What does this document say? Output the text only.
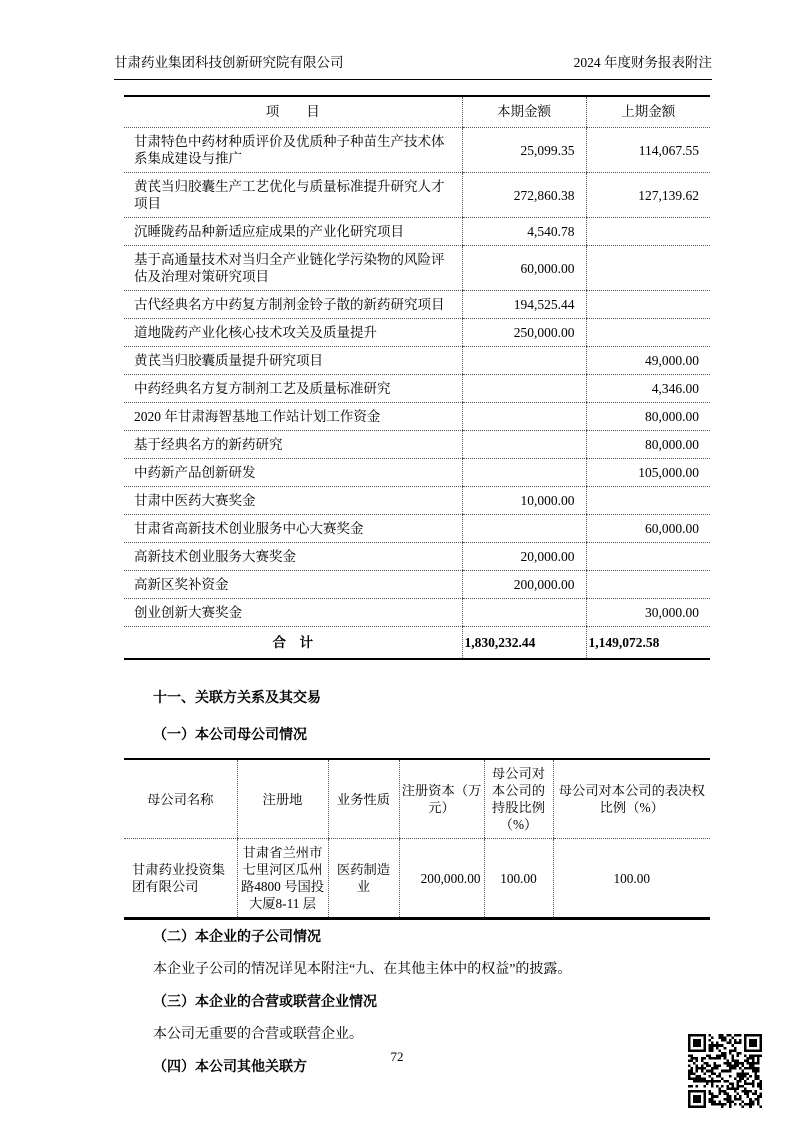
甘肃药业集团科技创新研究院有限公司	2024 年度财务报表附注
项　　目	本期金额	上期金额
甘肃特色中药材种质评价及优质种子种苗生产技术体系集成建设与推广	25,099.35	114,067.55
黄芪当归胶囊生产工艺优化与质量标准提升研究人才项目	272,860.38	127,139.62
沉睡陇药品种新适应症成果的产业化研究项目	4,540.78	
基于高通量技术对当归全产业链化学污染物的风险评估及治理对策研究项目	60,000.00	
古代经典名方中药复方制剂金铃子散的新药研究项目	194,525.44	
道地陇药产业化核心技术攻关及质量提升	250,000.00	
黄芪当归胶囊质量提升研究项目		49,000.00
中药经典名方复方制剂工艺及质量标准研究		4,346.00
2020 年甘肃海智基地工作站计划工作资金		80,000.00
基于经典名方的新药研究		80,000.00
中药新产品创新研发		105,000.00
甘肃中医药大赛奖金	10,000.00	
甘肃省高新技术创业服务中心大赛奖金		60,000.00
高新技术创业服务大赛奖金	20,000.00	
高新区奖补资金	200,000.00	
创业创新大赛奖金		30,000.00
合　计	1,830,232.44	1,149,072.58
十一、关联方关系及其交易
（一）本公司母公司情况
母公司名称	注册地	业务性质	注册资本（万元）	母公司对本公司的持股比例（%）	母公司对本公司的表决权比例（%）
甘肃药业投资集团有限公司	甘肃省兰州市七里河区瓜州路4800 号国投大厦8-11 层	医药制造业	200,000.00	100.00	100.00
（二）本企业的子公司情况

本企业子公司的情况详见本附注“九、在其他主体中的权益”的披露。

（三）本企业的合营或联营企业情况

本公司无重要的合营或联营企业。

（四）本公司其他关联方
72
